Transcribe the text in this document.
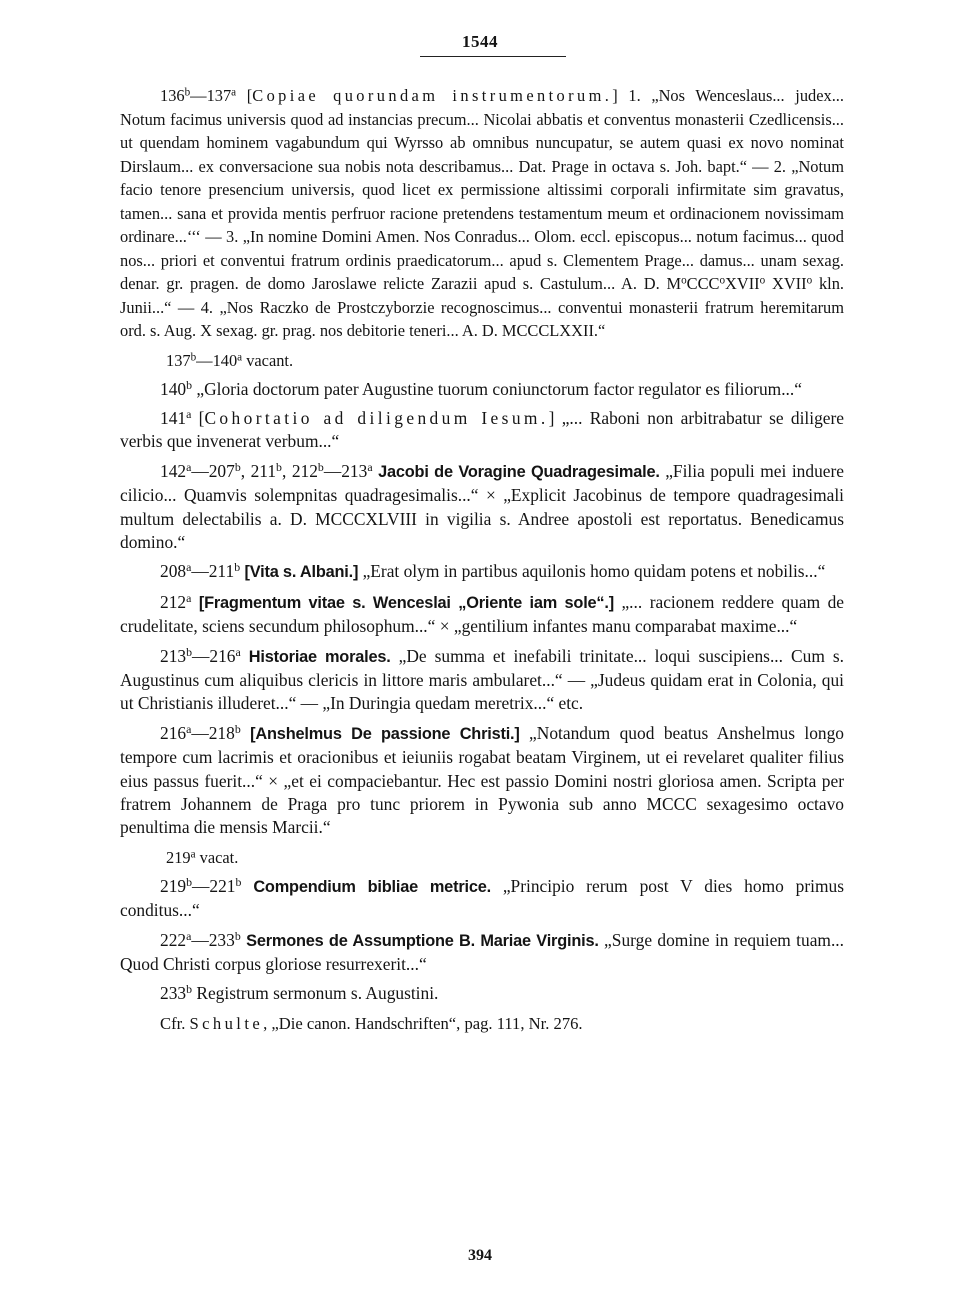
1544

136$^b$—137$^a$ [Copiae quorundam instrumentorum.] 1. „Nos Wenceslaus... judex... Notum facimus universis quod ad instancias precum... Nicolai abbatis et conventus monasterii Czedlicensis... ut quendam hominem vagabundum qui Wyrsso ab omnibus nuncupatur, se autem quasi ex novo nominat Dirslaum... ex conversacione sua nobis nota describamus... Dat. Prage in octava s. Joh. bapt.“ — 2. „Notum facio tenore presencium universis, quod licet ex permissione altissimi corporali infirmitate sim gravatus, tamen... sana et provida mentis perfruor racione pretendens testamentum meum et ordinacionem novissimam ordinare...‘‘‘ — 3. „In nomine Domini Amen. Nos Conradus... Olom. eccl. episcopus... notum facimus... quod nos... priori et conventui fratrum ordinis praedicatorum... apud s. Clementem Prage... damus... unam sexag. denar. gr. pragen. de domo Jaroslawe relicte Zarazii apud s. Castulum... A. D. $M^oCCC^oXVII^o$ XVII$^o$ kln. Junii...“ — 4. „Nos Raczko de Prostczyborzie recognoscimus... conventui monasterii fratrum heremitarum ord. s. Aug. X sexag. gr. prag. nos debitorie teneri... A. D. MCCCLXXII.“

137$^b$—140$^a$ vacant.

140$^b$ „Gloria doctorum pater Augustine tuorum coniunctorum factor regulator es filiorum...“

141$^a$ [Cohortatio ad diligendum Iesum.] „... Raboni non arbitrabatur se diligere verbis que invenerat verbum...“

142$^a$—207$^b$, 211$^b$, 212$^b$—213$^a$ Jacobi de Voragine Quadragesimale. „Filia populi mei induere cilicio... Quamvis solempnitas quadragesimalis...“ × „Explicit Jacobinus de tempore quadragesimali multum delectabilis a. D. MCCCXLVIII in vigilia s. Andree apostoli est reportatus. Benedicamus domino.“

208$^a$—211$^b$ [Vita s. Albani.] „Erat olym in partibus aquilonis homo quidam potens et nobilis...“

212$^a$ [Fragmentum vitae s. Wenceslai „Oriente iam sole“.] „... racionem reddere quam de crudelitate, sciens secundum philosophum...“ × „gentilium infantes manu comparabat maxime...“

213$^b$—216$^a$ Historiae morales. „De summa et inefabili trinitate... loqui suscipiens... Cum s. Augustinus cum aliquibus clericis in littore maris ambularet...“ — „Judeus quidam erat in Colonia, qui ut Christianis illuderet...“ — „In Duringia quedam meretrix...“ etc.

216$^a$—218$^b$ [Anshelmus De passione Christi.] „Notandum quod beatus Anshelmus longo tempore cum lacrimis et oracionibus et ieiuniis rogabat beatam Virginem, ut ei revelaret qualiter filius eius passus fuerit...“ × „et ei compaciebantur. Hec est passio Domini nostri gloriosa amen. Scripta per fratrem Johannem de Praga pro tunc priorem in Pywonia sub anno MCCC sexagesimo octavo penultima die mensis Marcii.“

219$^a$ vacat.

219$^b$—221$^b$ Compendium bibliae metrice. „Principio rerum post V dies homo primus conditus...“

222$^a$—233$^b$ Sermones de Assumptione B. Mariae Virginis. „Surge domine in requiem tuam... Quod Christi corpus gloriose resurrexerit...“

233$^b$ Registrum sermonum s. Augustini.

Cfr. Schulte, „Die canon. Handschriften“, pag. 111, Nr. 276.

394
